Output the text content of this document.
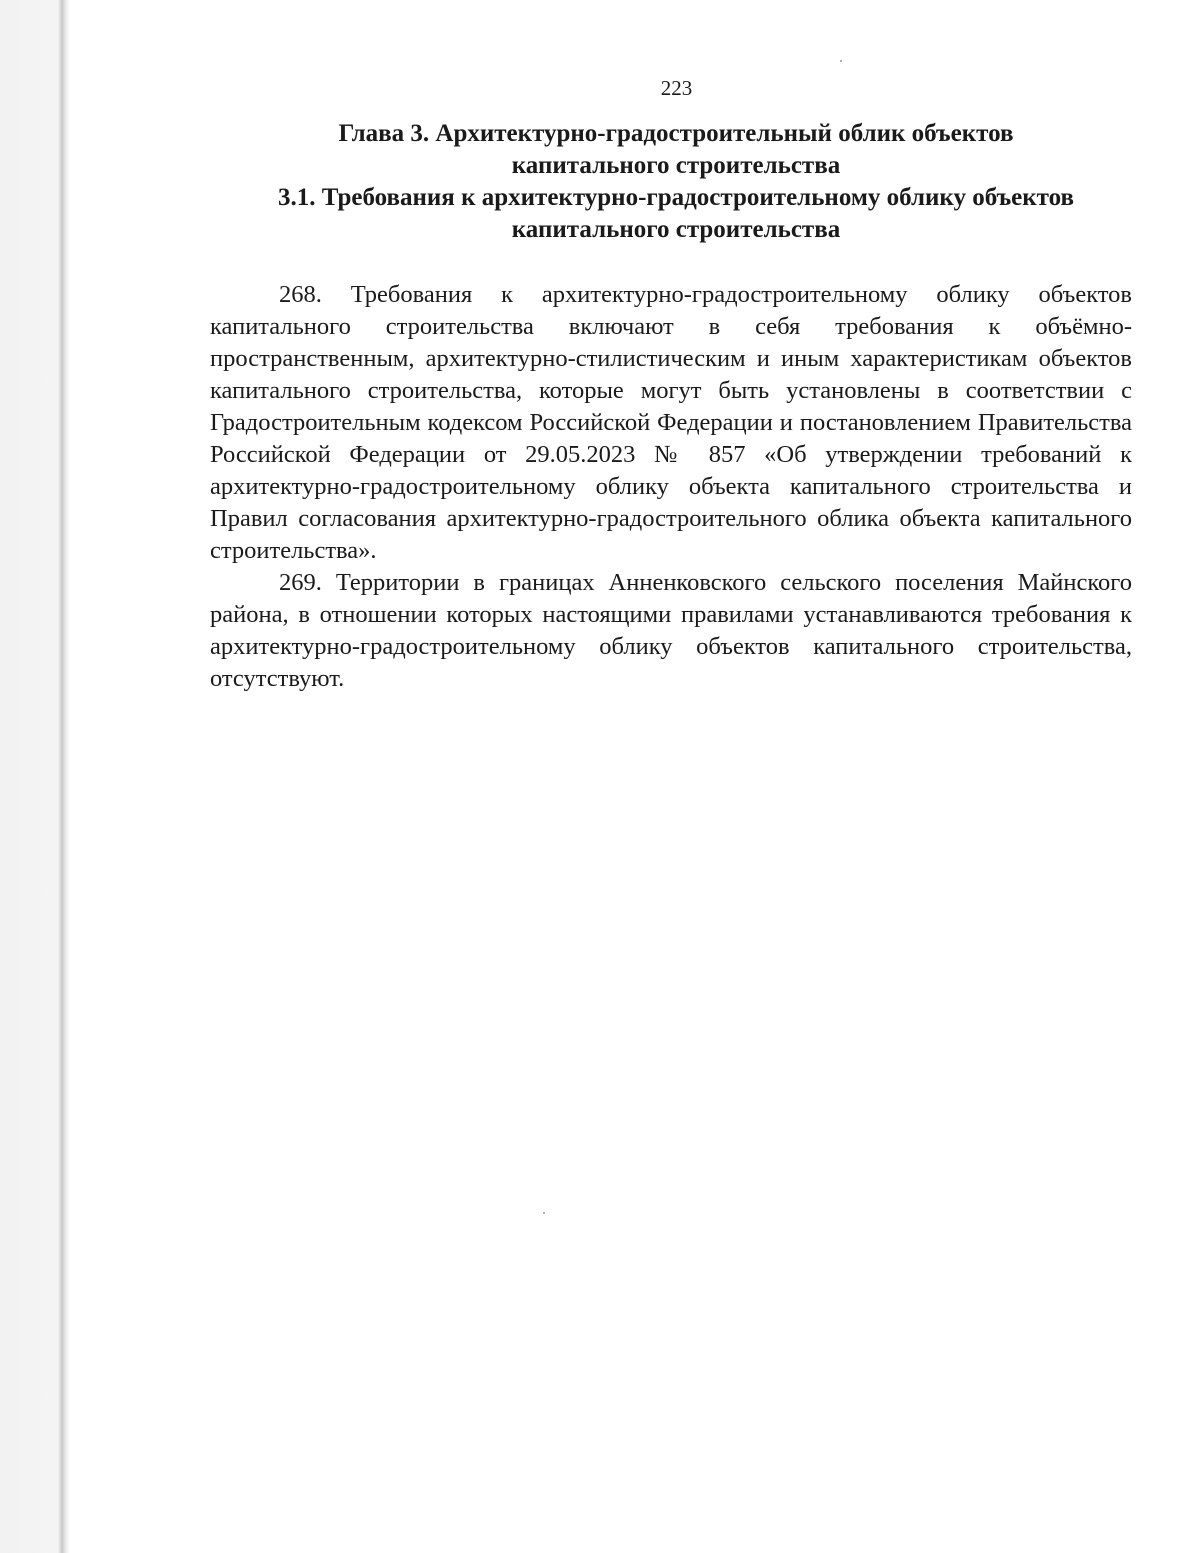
223

Глава 3. Архитектурно-градостроительный облик объектов

капитального строительства

3.1. Требования к архитектурно-градостроительному облику объектов

капитального строительства

268. Требования к архитектурно-градостроительному облику объектов капитального строительства включают в себя требования к объёмно-пространственным, архитектурно-стилистическим и иным характеристикам объектов капитального строительства, которые могут быть установлены в соответствии с Градостроительным кодексом Российской Федерации и постановлением Правительства Российской Федерации от 29.05.2023 № 857 «Об утверждении требований к архитектурно-градостроительному облику объекта капитального строительства и Правил согласования архитектурно-градостроительного облика объекта капитального строительства».

269. Территории в границах Анненковского сельского поселения Майнского района, в отношении которых настоящими правилами устанавливаются требования к архитектурно-градостроительному облику объектов капитального строительства, отсутствуют.
